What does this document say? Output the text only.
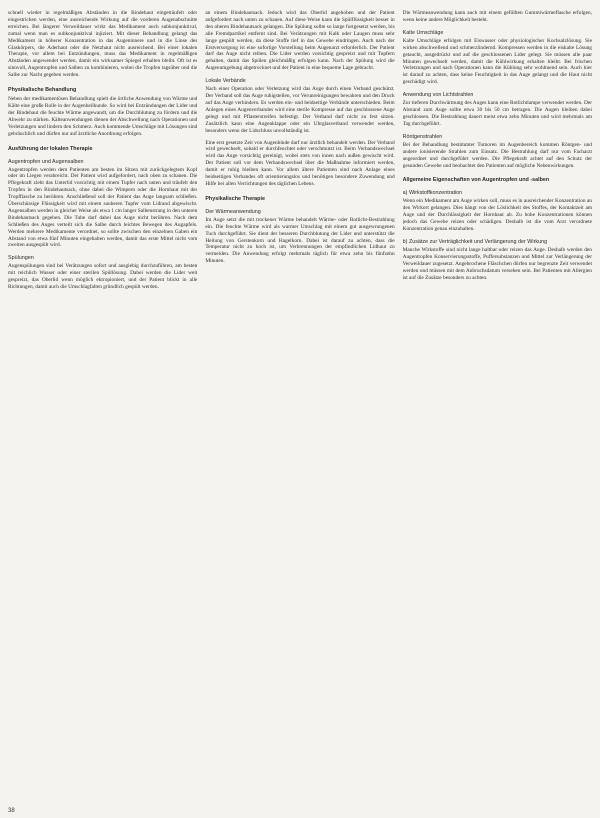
schnell wieder in regelmäßigen Abständen in die Bindehaut eingeträufelt oder eingestrichen werden, eine ausreichende Wirkung auf die vorderen Augenabschnitte erreichen. Bei längerer Verweildauer wirkt das Medikament auch subkonjunktival, zumal wenn man es subkonjunktival injiziert. Mit dieser Behandlung gelangt das Medikament in höherer Konzentration in das Augeninnere und in die Linse des Glaskörpers, die Aderhaut oder die Netzhaut nicht ausreichend. Bei einer lokalen Therapie, vor allem bei Entzündungen, muss das Medikament in regelmäßigen Abständen angewendet werden, damit ein wirksamer Spiegel erhalten bleibt. Oft ist es sinnvoll, Augentropfen und Salben zu kombinieren, wobei die Tropfen tagsüber und die Salbe zur Nacht gegeben werden.

Physikalische Behandlung

Neben der medikamentösen Behandlung spielt die örtliche Anwendung von Wärme und Kälte eine große Rolle in der Augenheilkunde. So wird bei Entzündungen der Lider und der Bindehaut die feuchte Wärme angewandt, um die Durchblutung zu fördern und die Abwehr zu stärken. Kälteanwendungen dienen der Abschwellung nach Operationen und Verletzungen und lindern den Schmerz. Auch kommende Umschläge mit Lösungen sind gebräuchlich und dürfen nur auf ärztliche Anordnung erfolgen.

Ausführung der lokalen Therapie
Augentropfen und Augensalben

Augentropfen werden dem Patienten am besten im Sitzen mit zurückgelegtem Kopf oder im Liegen verabreicht. Der Patient wird aufgefordert, nach oben zu schauen. Die Pflegekraft zieht das Unterlid vorsichtig mit einem Tupfer nach unten und träufelt den Tropfen in den Bindehautsack, ohne dabei die Wimpern oder die Hornhaut mit der Tropfflasche zu berühren. Anschließend soll der Patient das Auge langsam schließen. Überschüssige Flüssigkeit wird mit einem sauberen Tupfer vom Lidrand abgewischt. Augensalben werden in gleicher Weise als etwa 1 cm langer Salbenstrang in den unteren Bindehautsack gegeben. Die Tube darf dabei das Auge nicht berühren. Nach dem Schließen des Auges verteilt sich die Salbe durch leichtes Bewegen des Augapfels. Werden mehrere Medikamente verordnet, so sollte zwischen den einzelnen Gaben ein Abstand von etwa fünf Minuten eingehalten werden, damit das erste Mittel nicht vom zweiten ausgespült wird.

Spülungen

Augenspülungen sind bei Verätzungen sofort und ausgiebig durchzuführen, am besten mit reichlich Wasser oder einer sterilen Spüllösung. Dabei werden die Lider weit gespreizt, das Oberlid wenn möglich ektropioniert, und der Patient blickt in alle Richtungen, damit auch die Umschlagfalten gründlich gespült werden.

an einem Bindehautsack. Jedoch wird das Oberlid angehoben und der Patient aufgefordert nach unten zu schauen. Auf diese Weise kann die Spülflüssigkeit besser in den oberen Bindehautsack gelangen. Die Spülung sollte so lange fortgesetzt werden, bis alle Fremdpartikel entfernt sind. Bei Verätzungen mit Kalk oder Laugen muss sehr lange gespült werden, da diese Stoffe tief in das Gewebe eindringen. Auch nach der Erstversorgung ist eine sofortige Vorstellung beim Augenarzt erforderlich. Der Patient darf das Auge nicht reiben. Die Lider werden vorsichtig gespreizt und mit Tupfern gehalten, damit das Spülen gleichmäßig erfolgen kann. Nach der Spülung wird die Augenumgebung abgetrocknet und der Patient in eine bequeme Lage gebracht.

Lokale Verbände

Nach einer Operation oder Verletzung wird das Auge durch einen Verband geschützt. Der Verband soll das Auge ruhigstellen, vor Verunreinigungen bewahren und den Druck auf das Auge verhindern. Es werden ein- und beidseitige Verbände unterschieden. Beim Anlegen eines Augenverbandes wird eine sterile Kompresse auf das geschlossene Auge gelegt und mit Pflasterstreifen befestigt. Der Verband darf nicht zu fest sitzen. Zusätzlich kann eine Augenklappe oder ein Uhrglasverband verwendet werden, besonders wenn der Lidschluss unvollständig ist.

Eine erst gesetzte Zeit von Augenbinde darf nur ärztlich behandelt werden. Der Verband wird gewechselt, sobald er durchfeuchtet oder verschmutzt ist. Beim Verbandswechsel wird das Auge vorsichtig gereinigt, wobei stets von innen nach außen gewischt wird. Der Patient soll vor dem Verbandswechsel über die Maßnahme informiert werden, damit er ruhig bleiben kann. Vor allem ältere Patienten sind nach Anlage eines beidseitigen Verbandes oft orientierungslos und benötigen besondere Zuwendung und Hilfe bei allen Verrichtungen des täglichen Lebens.

Physikalische Therapie
Der Wärmeanwendung

Im Auge setzt die mit trockener Wärme behandelt Wärme- oder Rotlicht-Bestrahlung ein. Die feuchte Wärme wird als warmer Umschlag mit einem gut ausgewrungenen Tuch durchgeführt. Sie dient der besseren Durchblutung der Lider und unterstützt die Heilung von Gerstenkorn und Hagelkorn. Dabei ist darauf zu achten, dass die Temperatur nicht zu hoch ist, um Verbrennungen der empfindlichen Lidhaut zu vermeiden. Die Anwendung erfolgt mehrmals täglich für etwa zehn bis fünfzehn Minuten.

Die Wärmeanwendung kann auch mit einem gefüllten Gummiwärmeflasche erfolgen, wenn keine andere Möglichkeit besteht.

Kalte Umschläge

Kalte Umschläge erfolgen mit Eiswasser oder physiologischer Kochsalzlösung. Sie wirken abschwellend und schmerzlindernd. Kompressen werden in die eiskalte Lösung getaucht, ausgedrückt und auf die geschlossenen Lider gelegt. Sie müssen alle paar Minuten gewechselt werden, damit die Kühlwirkung erhalten bleibt. Bei frischen Verletzungen und nach Operationen kann die Kühlung sehr wohltuend sein. Auch hier ist darauf zu achten, dass keine Feuchtigkeit in das Auge gelangt und die Haut nicht geschädigt wird.

Anwendung von Lichtstrahlen

Zur tieferen Durchwärmung des Auges kann eine Rotlichtlampe verwendet werden. Der Abstand zum Auge sollte etwa 30 bis 50 cm betragen. Die Augen bleiben dabei geschlossen. Die Bestrahlung dauert meist etwa zehn Minuten und wird mehrmals am Tag durchgeführt.

Röntgenstrahlen

Bei der Behandlung bestimmter Tumoren im Augenbereich kommen Röntgen- und andere ionisierende Strahlen zum Einsatz. Die Bestrahlung darf nur vom Facharzt angeordnet und durchgeführt werden. Die Pflegekraft achtet auf den Schutz der gesunden Gewebe und beobachtet den Patienten auf mögliche Nebenwirkungen.

Allgemeine Eigenschaften von Augentropfen und -salben
a) Wirkstoffkonzentration

Wenn ein Medikament am Auge wirken soll, muss es in ausreichender Konzentration an den Wirkort gelangen. Dies hängt von der Löslichkeit des Stoffes, der Kontaktzeit am Auge und der Durchlässigkeit der Hornhaut ab. Zu hohe Konzentrationen können jedoch das Gewebe reizen oder schädigen. Deshalb ist die vom Arzt verordnete Konzentration genau einzuhalten.

b) Zusätze zur Verträglichkeit und Verlängerung der Wirkung

Manche Wirkstoffe sind nicht lange haltbar oder reizen das Auge. Deshalb werden den Augentropfen Konservierungsstoffe, Puffersubstanzen und Mittel zur Verlängerung der Verweildauer zugesetzt. Angebrochene Fläschchen dürfen nur begrenzte Zeit verwendet werden und müssen mit dem Anbruchsdatum versehen sein. Bei Patienten mit Allergien ist auf die Zusätze besonders zu achten.

38
